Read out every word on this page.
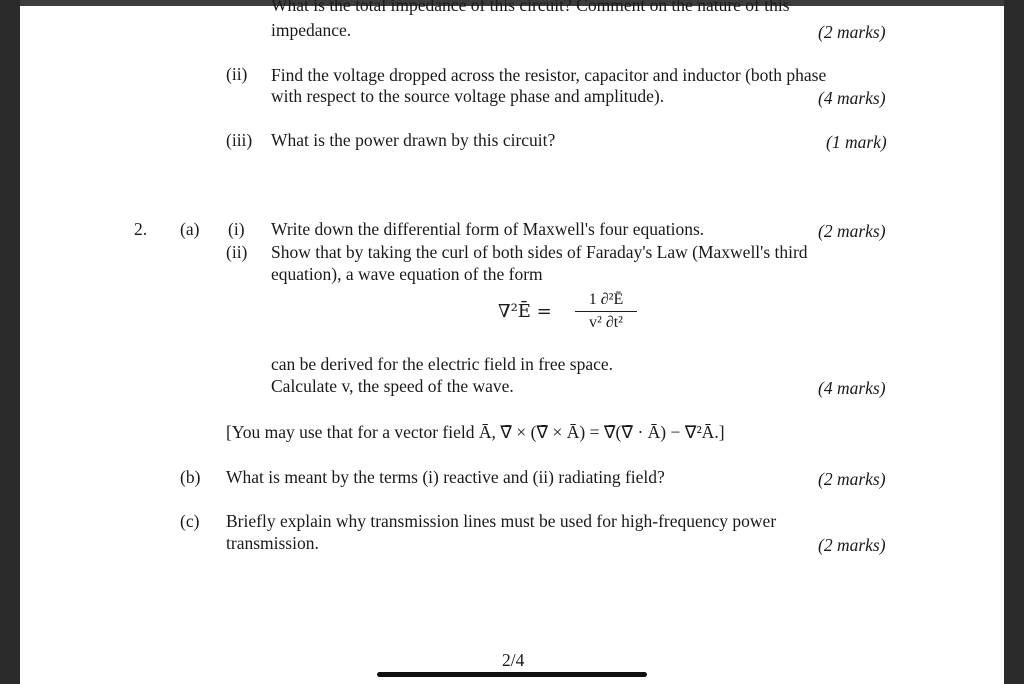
What is the total impedance of this circuit? Comment on the nature of this
impedance.	(2 marks)
(ii) Find the voltage dropped across the resistor, capacitor and inductor (both phase
with respect to the source voltage phase and amplitude).	(4 marks)
(iii) What is the power drawn by this circuit?	(1 mark)
2. (a) (i) Write down the differential form of Maxwell's four equations.	(2 marks)
(ii) Show that by taking the curl of both sides of Faraday's Law (Maxwell's third
equation), a wave equation of the form
∇²Ē =
1 ∂²Ē
v² ∂t²
can be derived for the electric field in free space.
Calculate v, the speed of the wave.	(4 marks)
[You may use that for a vector field Ā, ∇̄ × (∇̄ × Ā) = ∇̄(∇̄ · Ā) − ∇²Ā.]
(b) What is meant by the terms (i) reactive and (ii) radiating field?	(2 marks)
(c) Briefly explain why transmission lines must be used for high-frequency power
transmission.	(2 marks)
2/4
